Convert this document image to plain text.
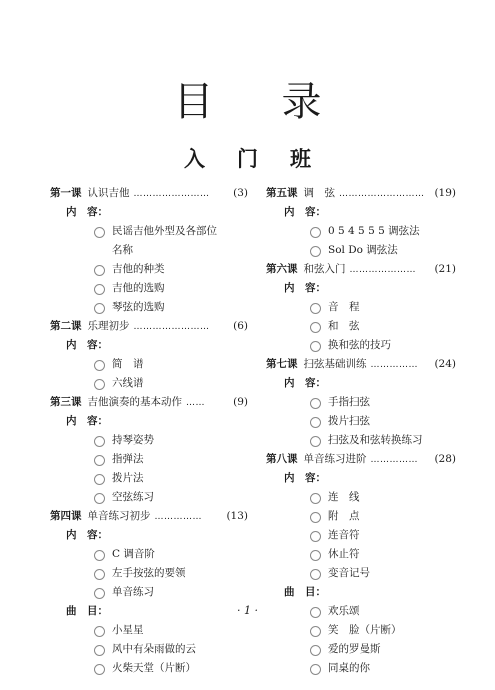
目 录
入 门 班
第一课 认识吉他 …………………… (3)
内　容：
民谣吉他外型及各部位
名称
吉他的种类
吉他的选购
琴弦的选购
第二课 乐理初步 …………………… (6)
内　容：
简　谱
六线谱
第三课 吉他演奏的基本动作 ……	(9)
内　容：
持琴姿势
指弹法
拨片法
空弦练习
第四课 单音练习初步 …………… (13)
内　容：
C 调音阶
左手按弦的要领
单音练习
曲　目：
小星星
风中有朵雨做的云
火柴天堂（片断）
第五课 调　弦 ……………………… (19)
内　容：
0 5 4 5 5 5 调弦法
Sol Do 调弦法
第六课 和弦入门 ………………… (21)
内　容：
音　程
和　弦
换和弦的技巧
第七课 扫弦基础训练 …………… (24)
内　容：
手指扫弦
拨片扫弦
扫弦及和弦转换练习
第八课 单音练习进阶 …………… (28)
内　容：
连　线
附　点
连音符
休止符
变音记号
曲　目：
欢乐颂
笑　脸（片断）
爱的罗曼斯
同桌的你
· 1 ·
